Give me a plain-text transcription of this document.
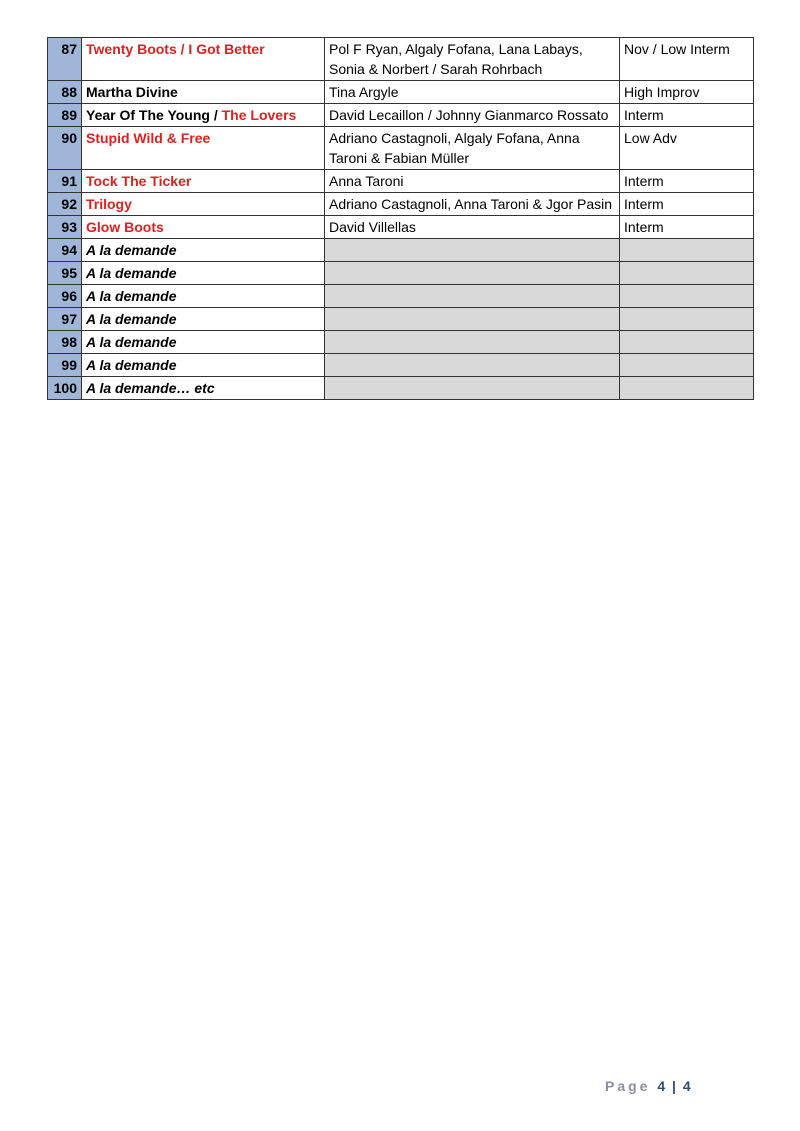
87	Twenty Boots / I Got Better	Pol F Ryan, Algaly Fofana, Lana Labays, Sonia & Norbert / Sarah Rohrbach	Nov / Low Interm
88	Martha Divine	Tina Argyle	High Improv
89	Year Of The Young / The Lovers	David Lecaillon / Johnny Gianmarco Rossato	Interm
90	Stupid Wild & Free	Adriano Castagnoli, Algaly Fofana, Anna Taroni & Fabian Müller	Low Adv
91	Tock The Ticker	Anna Taroni	Interm
92	Trilogy	Adriano Castagnoli, Anna Taroni & Jgor Pasin	Interm
93	Glow Boots	David Villellas	Interm
94	A la demande		
95	A la demande		
96	A la demande		
97	A la demande		
98	A la demande		
99	A la demande		
100	A la demande… etc		
Page 4 | 4
